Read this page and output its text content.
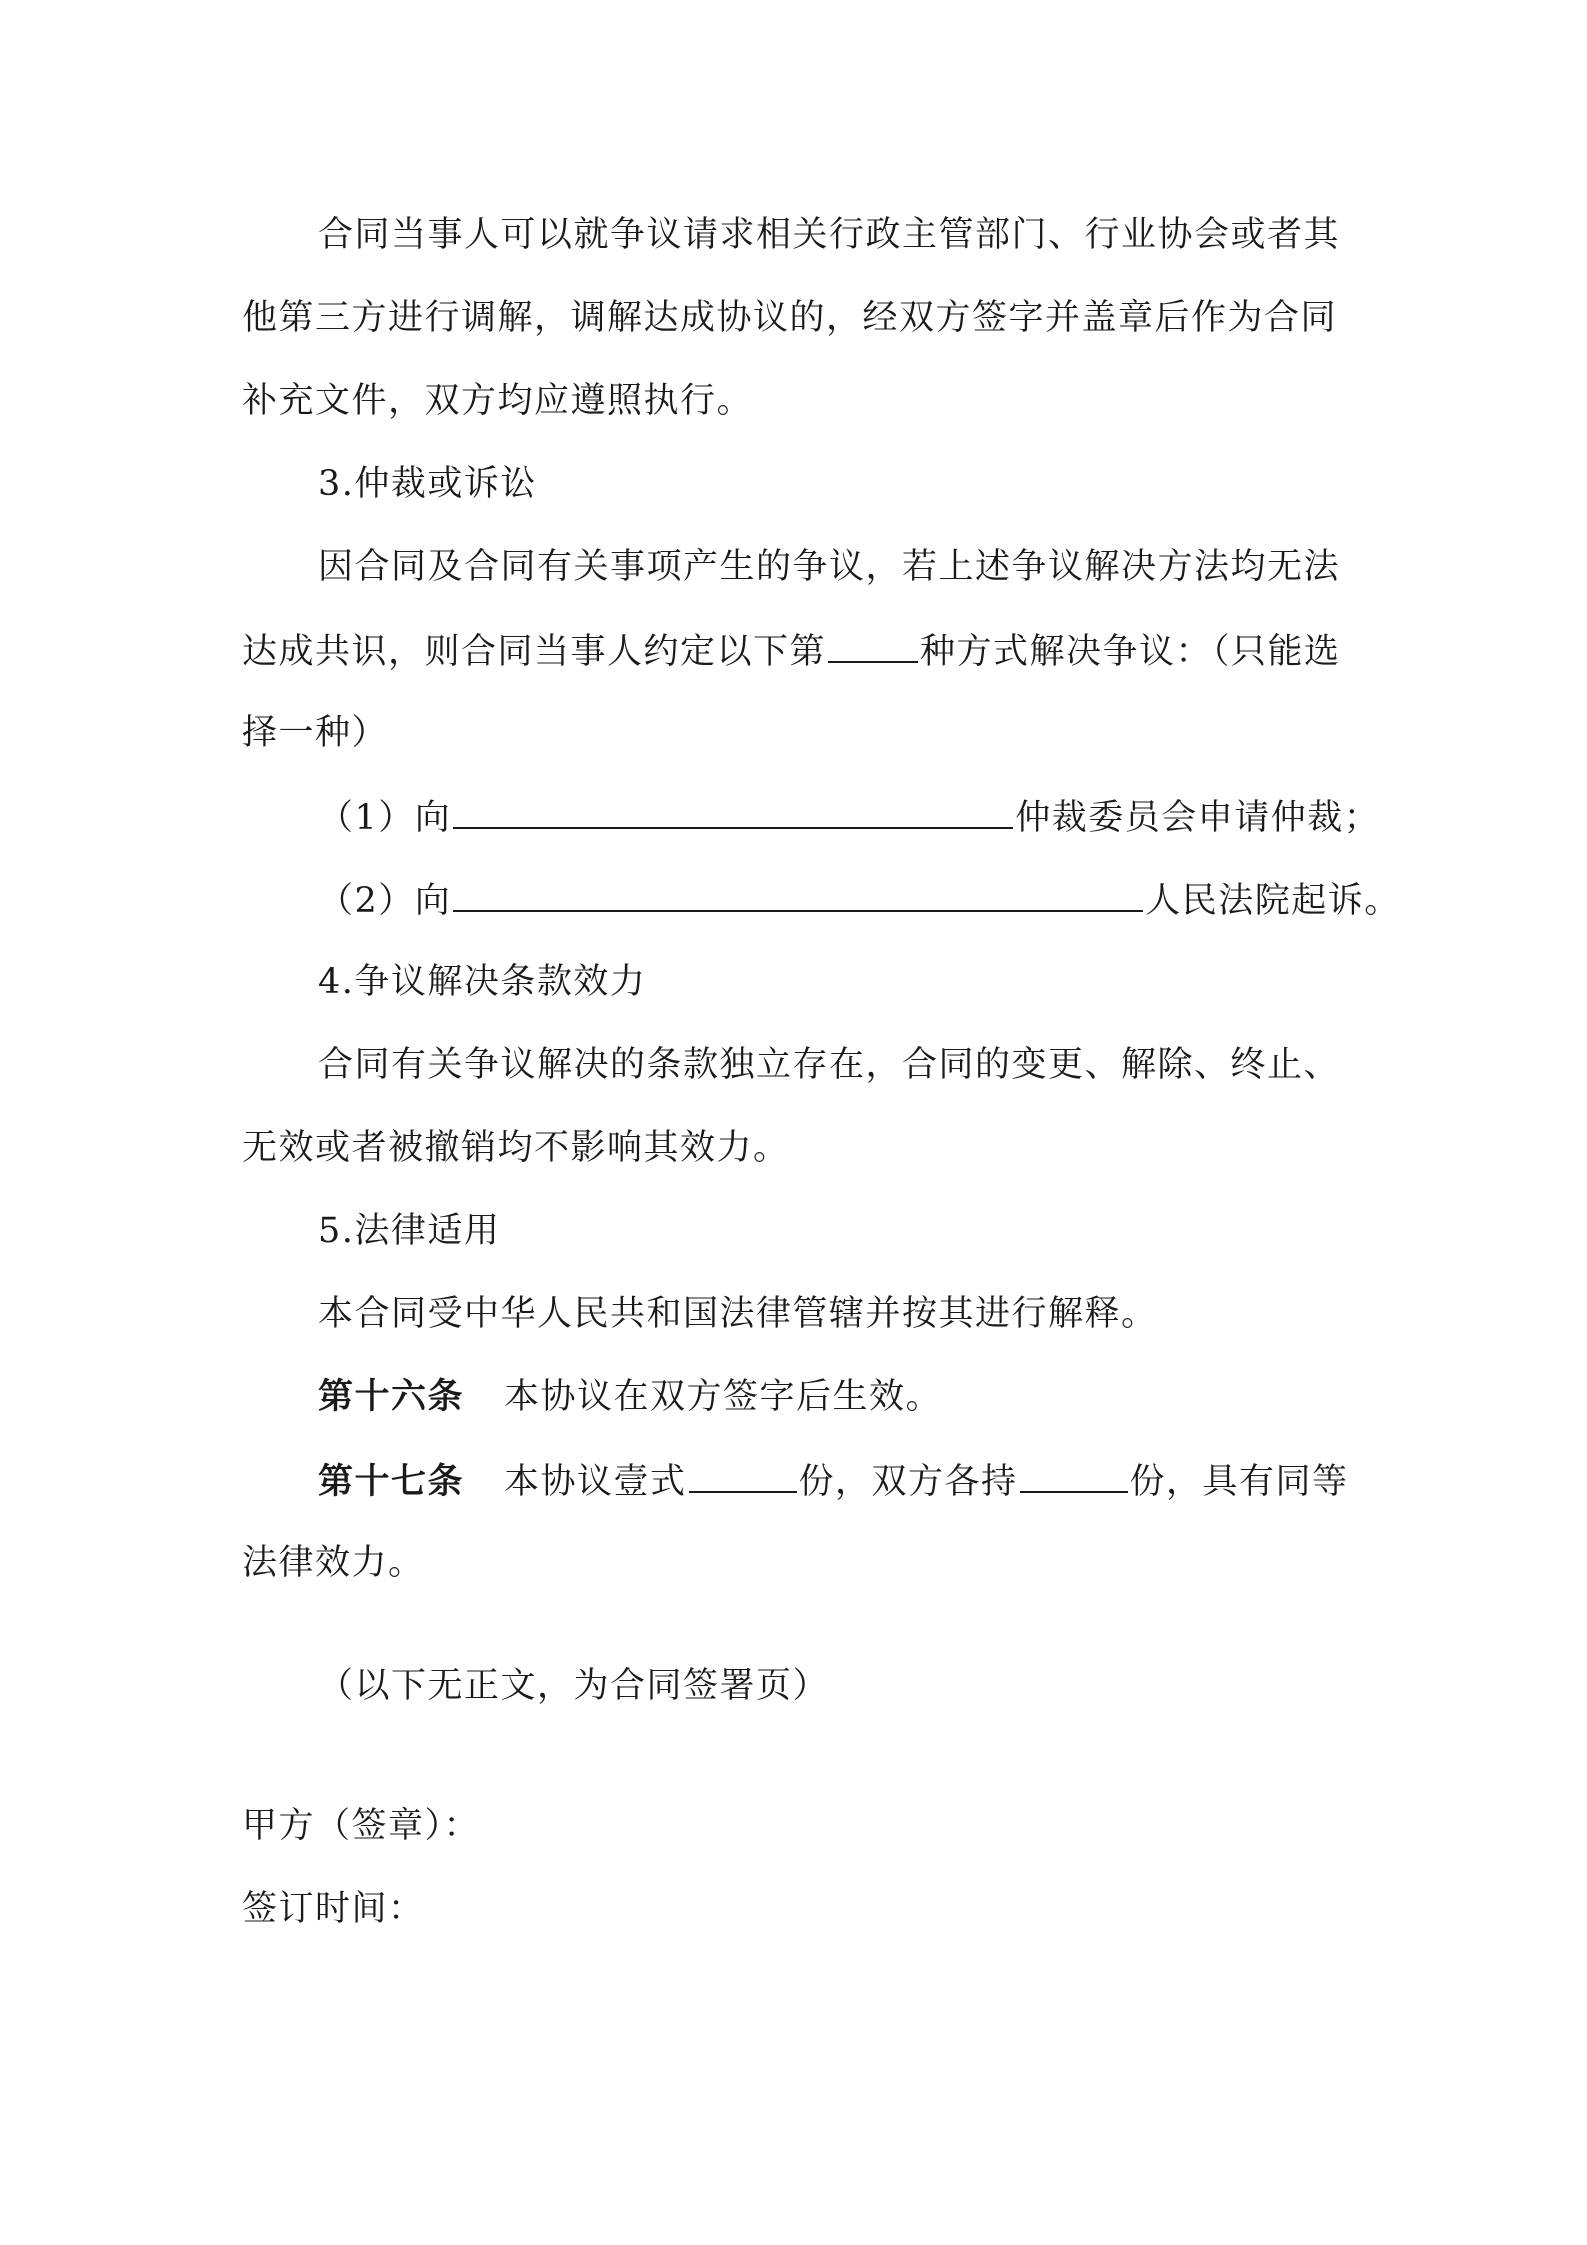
合同当事人可以就争议请求相关行政主管部门、行业协会或者其
他第三方进行调解，调解达成协议的，经双方签字并盖章后作为合同
补充文件，双方均应遵照执行。
3.仲裁或诉讼
因合同及合同有关事项产生的争议，若上述争议解决方法均无法
达成共识，则合同当事人约定以下第	种方式解决争议：（只能选
择一种）
（1）向	仲裁委员会申请仲裁；
（2）向	人民法院起诉。
4.争议解决条款效力
合同有关争议解决的条款独立存在，合同的变更、解除、终止、
无效或者被撤销均不影响其效力。
5.法律适用
本合同受中华人民共和国法律管辖并按其进行解释。
第十六条 本协议在双方签字后生效。
第十七条 本协议壹式	份，双方各持	份，具有同等
法律效力。
（以下无正文，为合同签署页）
甲方（签章）：
签订时间：
